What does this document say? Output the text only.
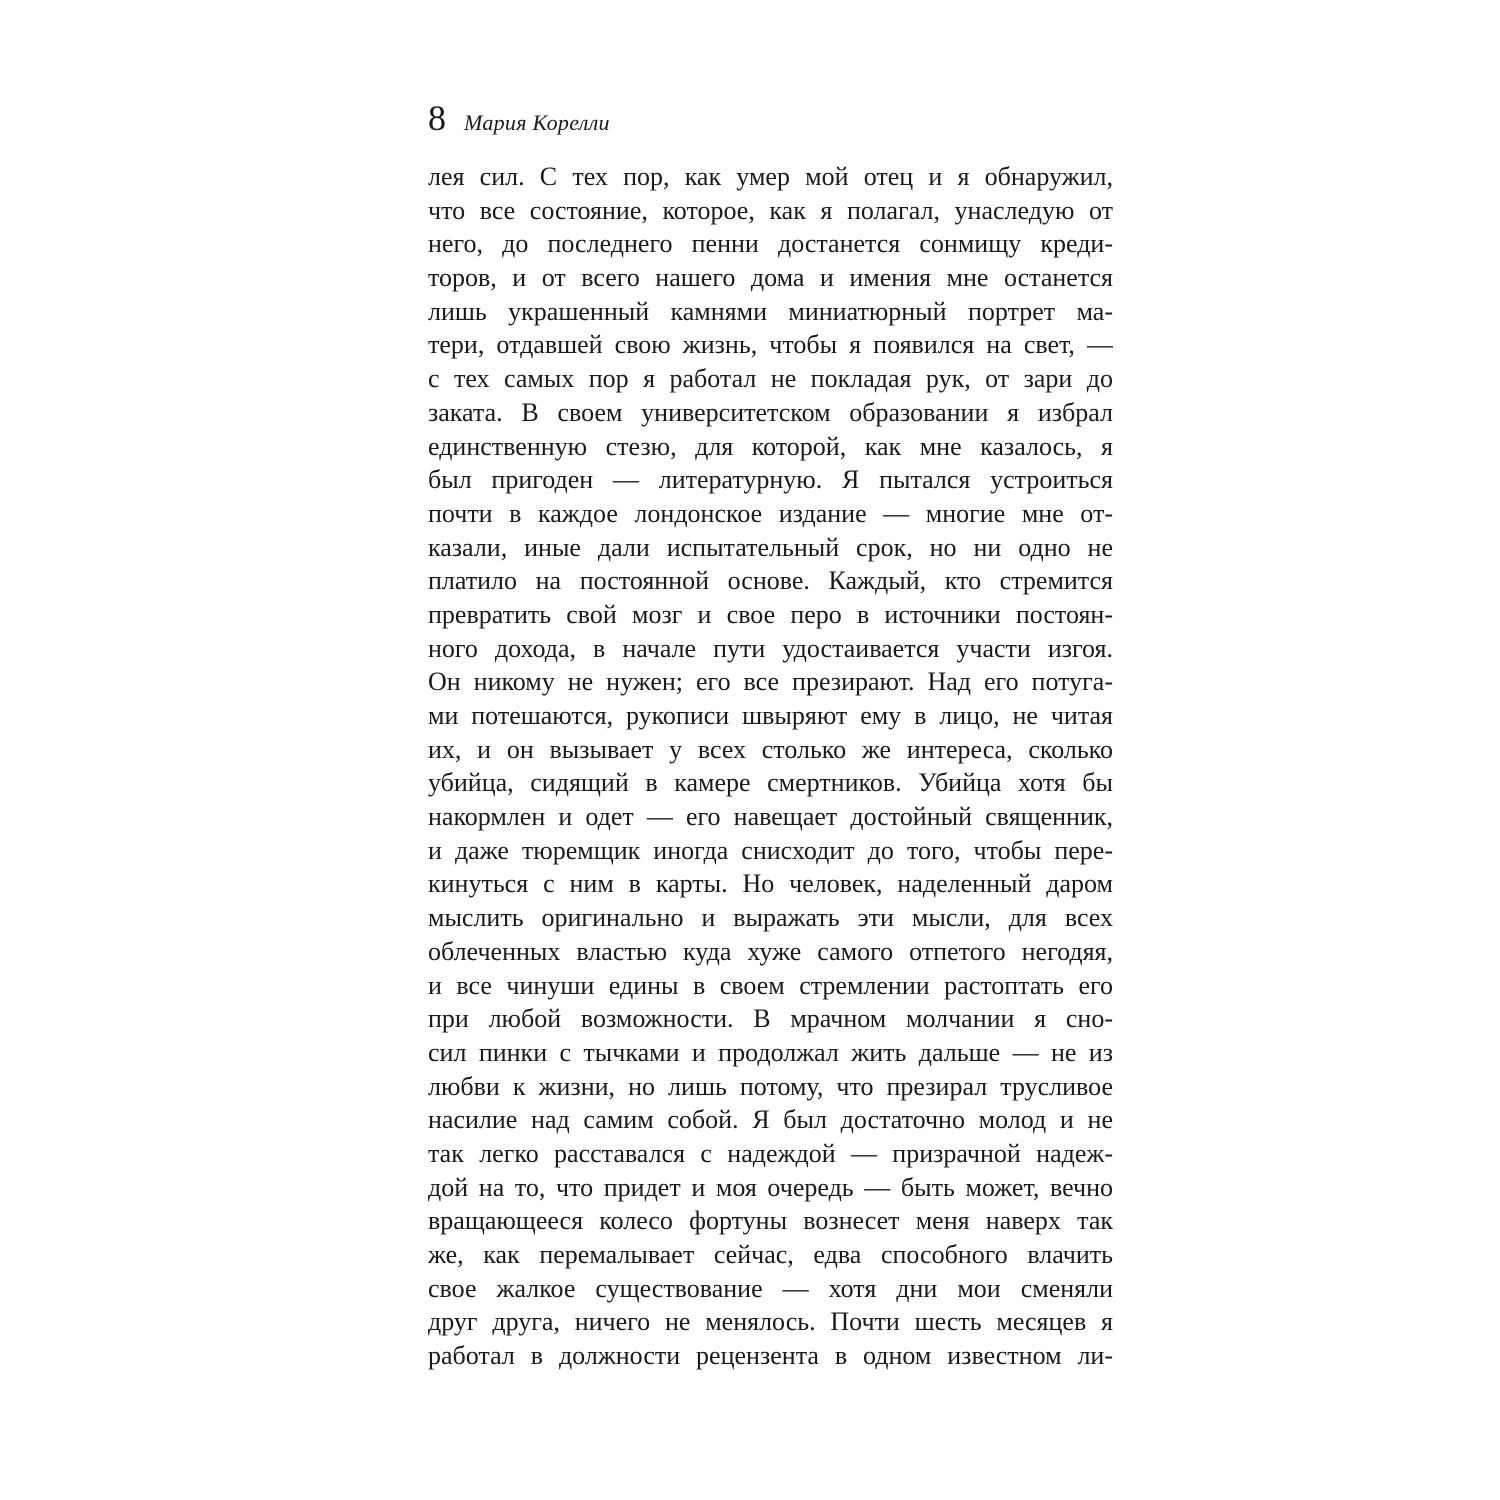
8 Мария Корелли
лея сил. С тех пор, как умер мой отец и я обнаружил,
что все состояние, которое, как я полагал, унаследую от
него, до последнего пенни достанется сонмищу креди-
торов, и от всего нашего дома и имения мне останется
лишь украшенный камнями миниатюрный портрет ма-
тери, отдавшей свою жизнь, чтобы я появился на свет, —
с тех самых пор я работал не покладая рук, от зари до
заката. В своем университетском образовании я избрал
единственную стезю, для которой, как мне казалось, я
был пригоден — литературную. Я пытался устроиться
почти в каждое лондонское издание — многие мне от-
казали, иные дали испытательный срок, но ни одно не
платило на постоянной основе. Каждый, кто стремится
превратить свой мозг и свое перо в источники постоян-
ного дохода, в начале пути удостаивается участи изгоя.
Он никому не нужен; его все презирают. Над его потуга-
ми потешаются, рукописи швыряют ему в лицо, не читая
их, и он вызывает у всех столько же интереса, сколько
убийца, сидящий в камере смертников. Убийца хотя бы
накормлен и одет — его навещает достойный священник,
и даже тюремщик иногда снисходит до того, чтобы пере-
кинуться с ним в карты. Но человек, наделенный даром
мыслить оригинально и выражать эти мысли, для всех
облеченных властью куда хуже самого отпетого негодяя,
и все чинуши едины в своем стремлении растоптать его
при любой возможности. В мрачном молчании я сно-
сил пинки с тычками и продолжал жить дальше — не из
любви к жизни, но лишь потому, что презирал трусливое
насилие над самим собой. Я был достаточно молод и не
так легко расставался с надеждой — призрачной надеж-
дой на то, что придет и моя очередь — быть может, вечно
вращающееся колесо фортуны вознесет меня наверх так
же, как перемалывает сейчас, едва способного влачить
свое жалкое существование — хотя дни мои сменяли
друг друга, ничего не менялось. Почти шесть месяцев я
работал в должности рецензента в одном известном ли-
